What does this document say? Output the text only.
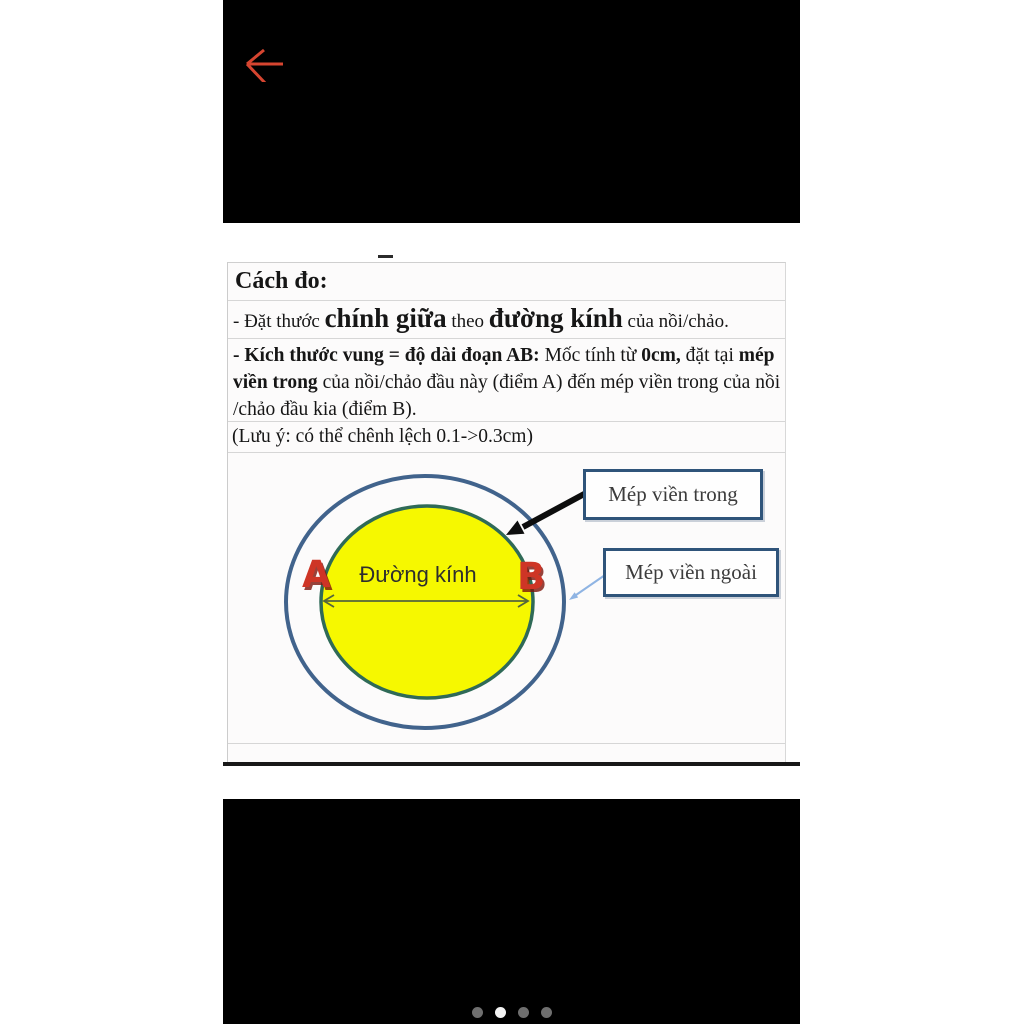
Cách đo:
- Đặt thước chính giữa theo đường kính của nồi/chảo.
- Kích thước vung = độ dài đoạn AB: Mốc tính từ 0cm, đặt tại mép viền trong của nồi/chảo đầu này (điểm A) đến mép viền trong của nồi /chảo đầu kia (điểm B).
(Lưu ý: có thể chênh lệch 0.1->0.3cm)
A	B
Đường kính
Mép viền trong
Mép viền ngoài
